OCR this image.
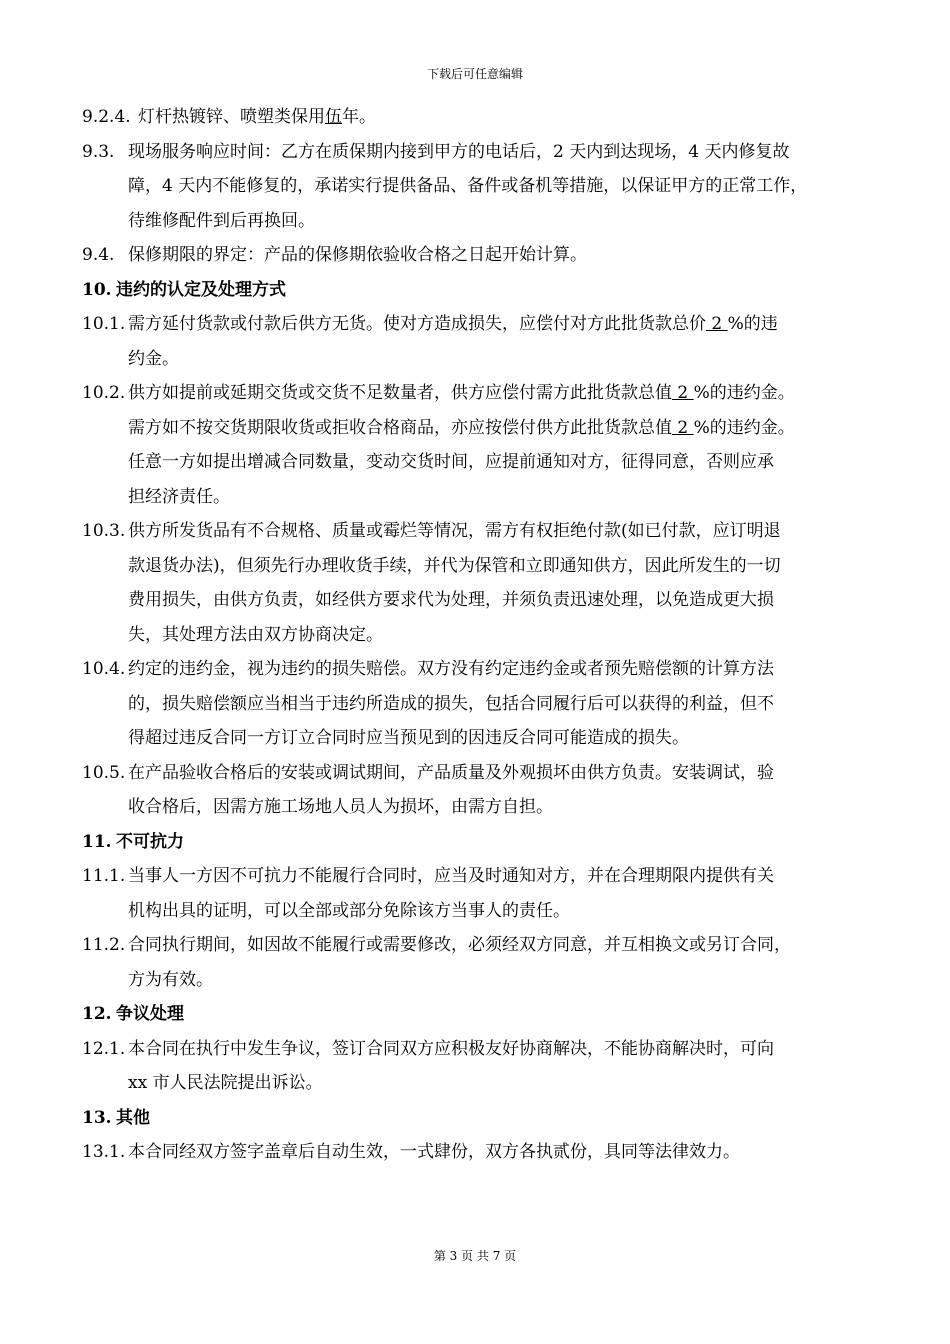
下载后可任意编辑
9.2.4. 灯杆热镀锌、喷塑类保用伍年。
9.3. 现场服务响应时间：乙方在质保期内接到甲方的电话后，2 天内到达现场，4 天内修复故
障，4 天内不能修复的，承诺实行提供备品、备件或备机等措施，以保证甲方的正常工作，
待维修配件到后再换回。
9.4. 保修期限的界定：产品的保修期依验收合格之日起开始计算。
10. 违约的认定及处理方式
10.1. 需方延付货款或付款后供方无货。使对方造成损失，应偿付对方此批货款总价 2 %的违
约金。
10.2. 供方如提前或延期交货或交货不足数量者，供方应偿付需方此批货款总值 2 %的违约金。
需方如不按交货期限收货或拒收合格商品，亦应按偿付供方此批货款总值 2 %的违约金。
任意一方如提出增减合同数量，变动交货时间，应提前通知对方，征得同意，否则应承
担经济责任。
10.3. 供方所发货品有不合规格、质量或霉烂等情况，需方有权拒绝付款(如已付款，应订明退
款退货办法)，但须先行办理收货手续，并代为保管和立即通知供方，因此所发生的一切
费用损失，由供方负责，如经供方要求代为处理，并须负责迅速处理，以免造成更大损
失，其处理方法由双方协商决定。
10.4. 约定的违约金，视为违约的损失赔偿。双方没有约定违约金或者预先赔偿额的计算方法
的，损失赔偿额应当相当于违约所造成的损失，包括合同履行后可以获得的利益，但不
得超过违反合同一方订立合同时应当预见到的因违反合同可能造成的损失。
10.5. 在产品验收合格后的安装或调试期间，产品质量及外观损坏由供方负责。安装调试，验
收合格后，因需方施工场地人员人为损坏，由需方自担。
11. 不可抗力
11.1. 当事人一方因不可抗力不能履行合同时，应当及时通知对方，并在合理期限内提供有关
机构出具的证明，可以全部或部分免除该方当事人的责任。
11.2. 合同执行期间，如因故不能履行或需要修改，必须经双方同意，并互相换文或另订合同，
方为有效。
12. 争议处理
12.1. 本合同在执行中发生争议，签订合同双方应积极友好协商解决，不能协商解决时，可向
xx 市人民法院提出诉讼。
13. 其他
13.1. 本合同经双方签字盖章后自动生效，一式肆份，双方各执贰份，具同等法律效力。
第 3 页 共 7 页
